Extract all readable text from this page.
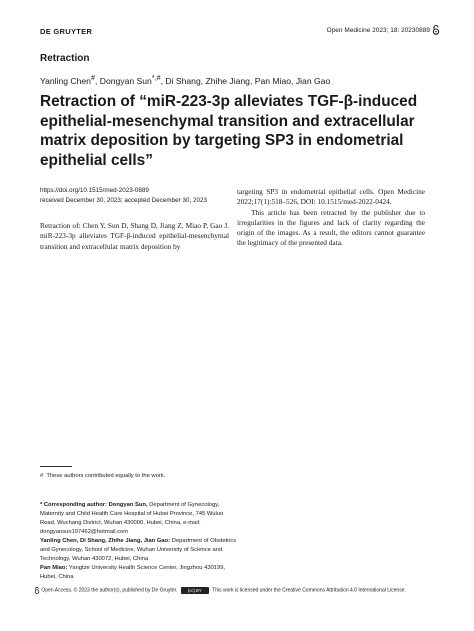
DE GRUYTER	Open Medicine 2023; 18: 20230889
Retraction
Yanling Chen#, Dongyan Sun*,#, Di Shang, Zhihe Jiang, Pan Miao, Jian Gao
Retraction of “miR-223-3p alleviates TGF-β-induced epithelial-mesenchymal transition and extracellular matrix deposition by targeting SP3 in endometrial epithelial cells”
https://doi.org/10.1515/med-2023-0889
received December 30, 2023; accepted December 30, 2023

Retraction of: Chen Y, Sun D, Shang D, Jiang Z, Miao P, Gao J. miR-223-3p alleviates TGF-β-induced epithelial-mesenchymal transition and extracellular matrix deposition by

targeting SP3 in endometrial epithelial cells. Open Medicine 2022;17(1):518–526, DOI: 10.1515/med-2022-0424.

This article has been retracted by the publisher due to irregularities in the figures and lack of clarity regarding the origin of the images. As a result, the editors cannot guarantee the legitimacy of the presented data.

# These authors contributed equally to the work.
* Corresponding author: Dongyan Sun, Department of Gynecology, Maternity and Child Health Care Hospital of Hubei Province, 745 Wuluo Road, Wuchang District, Wuhan 430000, Hubei, China, e-mail: dongyansun197462@hotmail.com
Yanling Chen, Di Shang, Zhihe Jiang, Jian Gao: Department of Obstetrics and Gynecology, School of Medicine, Wuhan University of Science and Technology, Wuhan 430072, Hubei, China
Pan Miao: Yangtze University Health Science Center, Jingzhou 430199, Hubei, China
Open Access. © 2023 the author(s), published by De Gruyter.	(cc) BY This work is licensed under the Creative Commons Attribution 4.0 International License.
